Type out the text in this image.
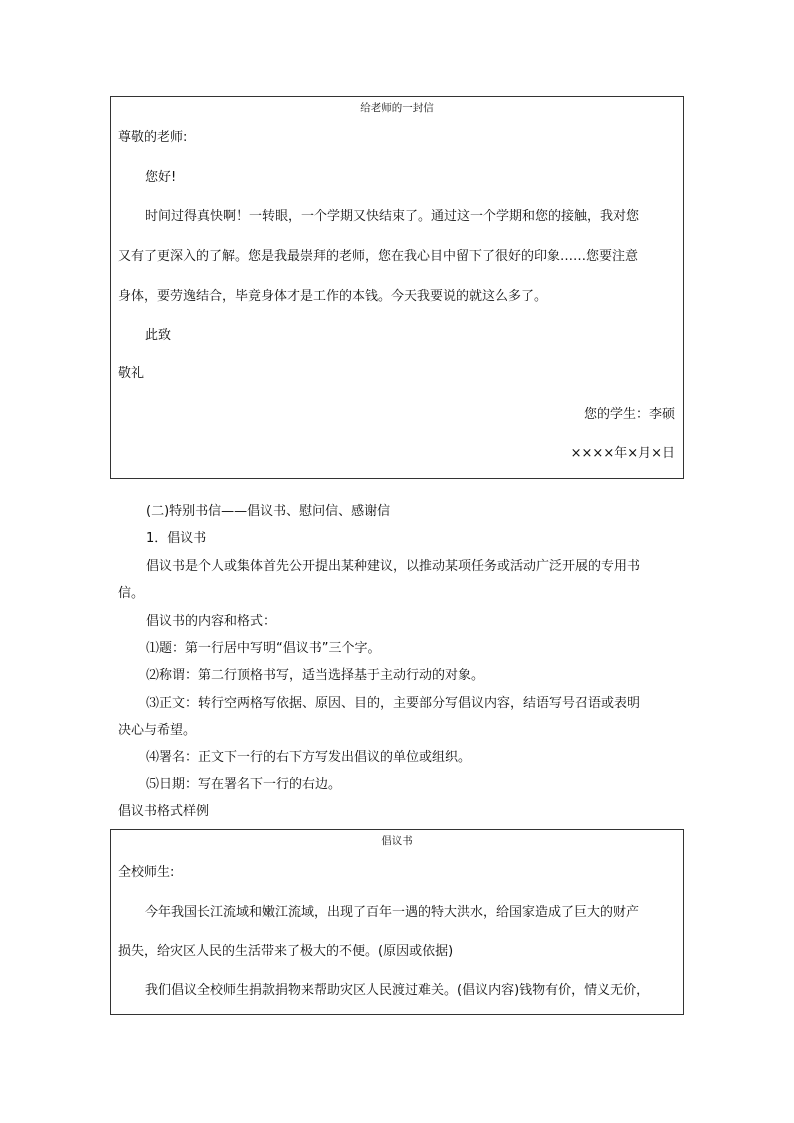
给老师的一封信
尊敬的老师:
您好!
时间过得真快啊！一转眼，一个学期又快结束了。通过这一个学期和您的接触，我对您
又有了更深入的了解。您是我最崇拜的老师，您在我心目中留下了很好的印象……您要注意
身体，要劳逸结合，毕竟身体才是工作的本钱。今天我要说的就这么多了。
此致
敬礼
您的学生：李硕
××××年×月×日
(二)特别书信——倡议书、慰问信、感谢信
1．倡议书
倡议书是个人或集体首先公开提出某种建议，以推动某项任务或活动广泛开展的专用书
信。
倡议书的内容和格式：
⑴题：第一行居中写明“倡议书”三个字。
⑵称谓：第二行顶格书写，适当选择基于主动行动的对象。
⑶正文：转行空两格写依据、原因、目的，主要部分写倡议内容，结语写号召语或表明
决心与希望。
⑷署名：正文下一行的右下方写发出倡议的单位或组织。
⑸日期：写在署名下一行的右边。
倡议书格式样例
倡议书
全校师生:
今年我国长江流域和嫩江流域，出现了百年一遇的特大洪水，给国家造成了巨大的财产
损失，给灾区人民的生活带来了极大的不便。(原因或依据)
我们倡议全校师生捐款捐物来帮助灾区人民渡过难关。(倡议内容)钱物有价，情义无价，
